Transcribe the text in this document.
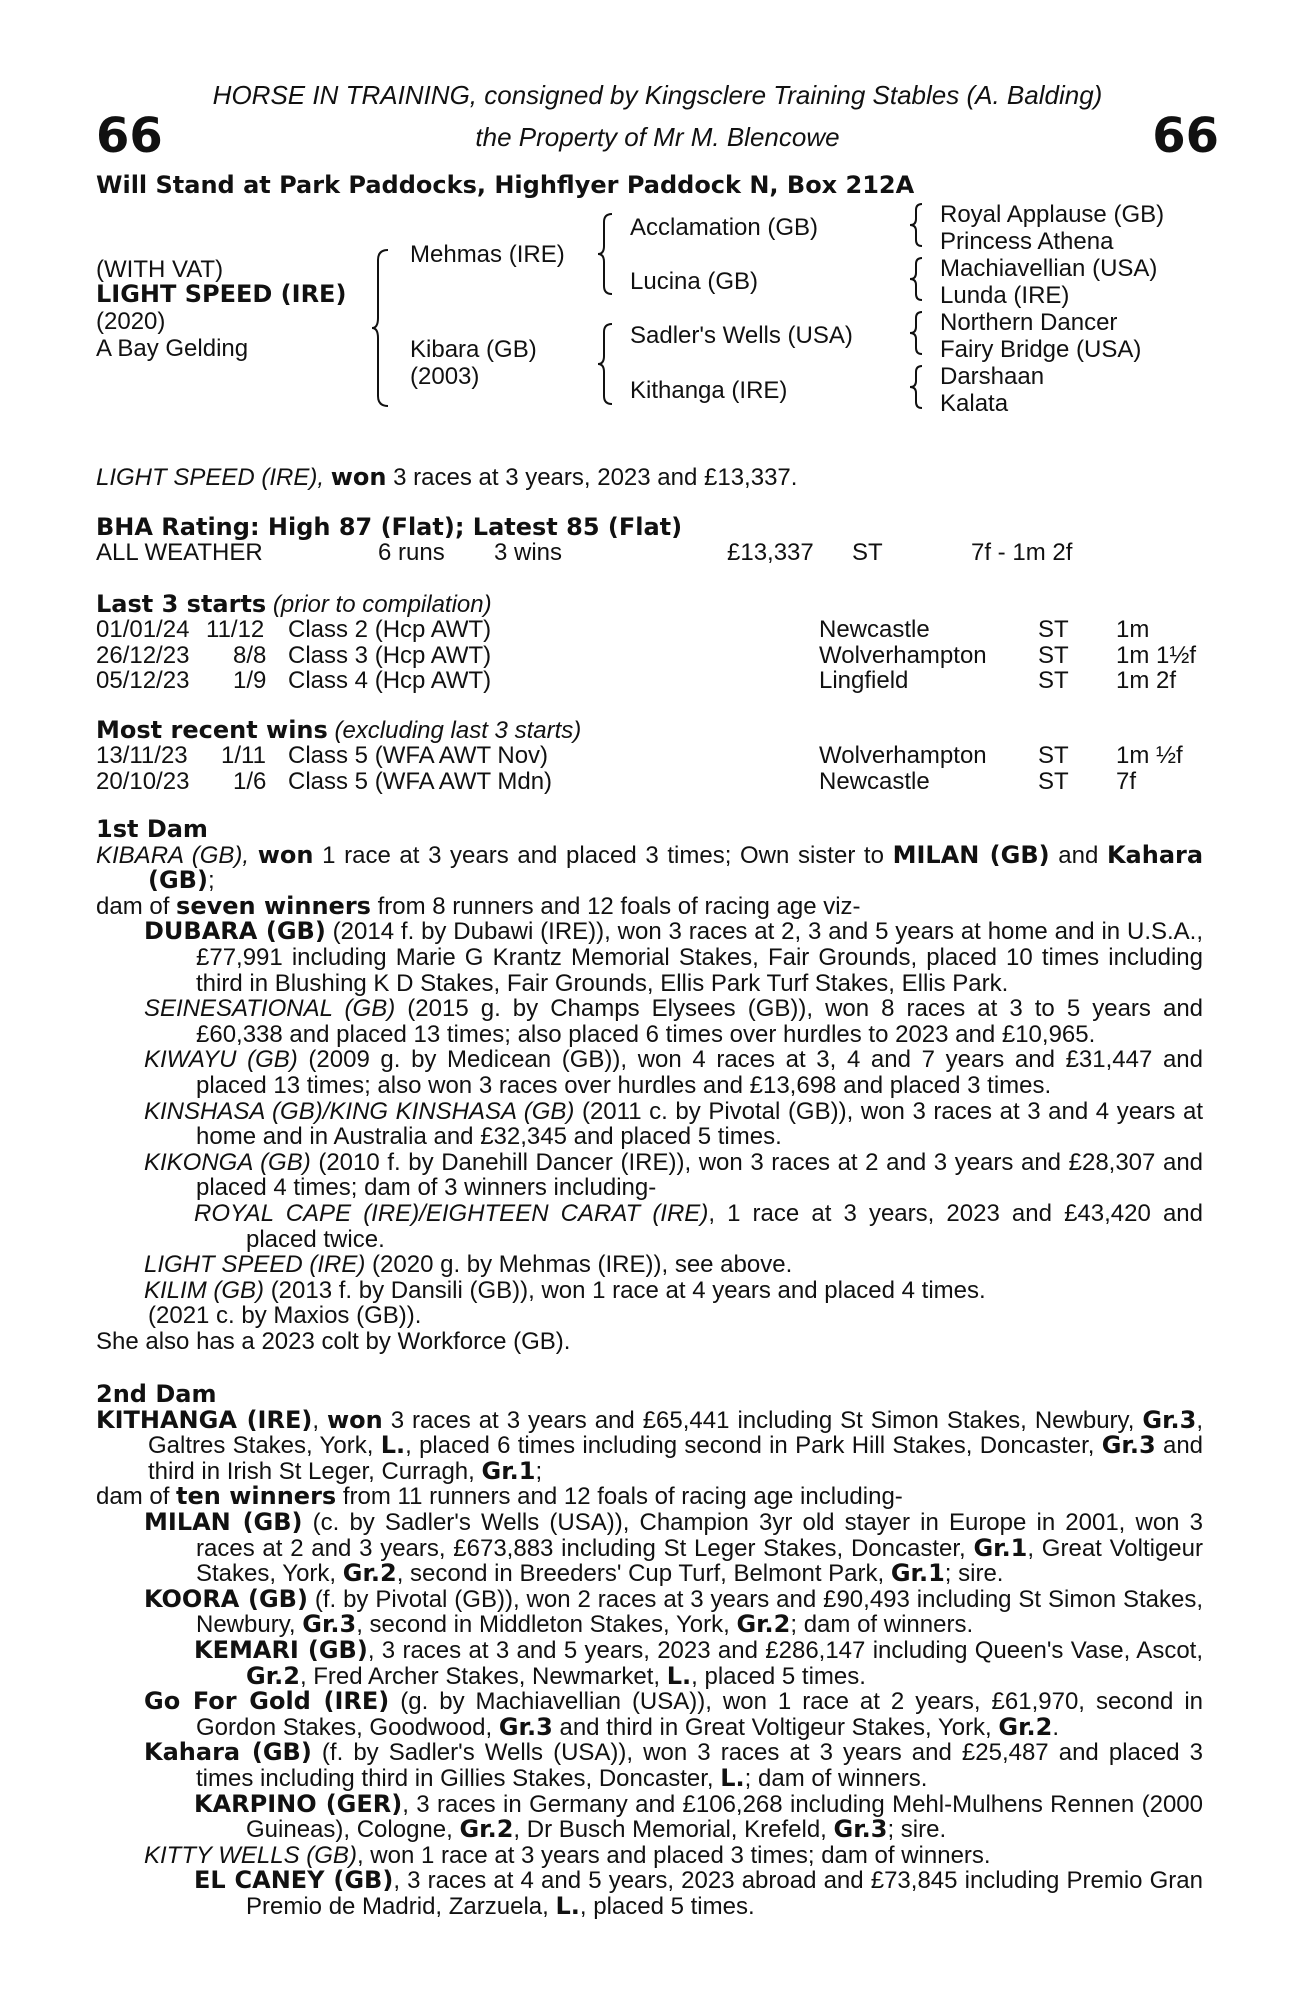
66	66
HORSE IN TRAINING, consigned by Kingsclere Training Stables (A. Balding)
the Property of Mr M. Blencowe
Will Stand at Park Paddocks, Highflyer Paddock N, Box 212A
(WITH VAT)
LIGHT SPEED (IRE)
(2020)
A Bay Gelding
Mehmas (IRE)
Kibara (GB)
(2003)
Acclamation (GB)
Lucina (GB)
Sadler's Wells (USA)
Kithanga (IRE)
Royal Applause (GB)
Princess Athena
Machiavellian (USA)
Lunda (IRE)
Northern Dancer
Fairy Bridge (USA)
Darshaan
Kalata
LIGHT SPEED (IRE), won 3 races at 3 years, 2023 and £13,337.
BHA Rating: High 87 (Flat); Latest 85 (Flat)
ALL WEATHER	6 runs 3 wins	£13,337 ST	7f - 1m 2f
Last 3 starts (prior to compilation)
01/01/24 11/12 Class 2 (Hcp AWT)	Newcastle	ST 1m
26/12/23 8/8 Class 3 (Hcp AWT)	Wolverhampton ST 1m 1½f
05/12/23 1/9 Class 4 (Hcp AWT)	Lingfield	ST 1m 2f
Most recent wins (excluding last 3 starts)
13/11/23 1/11 Class 5 (WFA AWT Nov)	Wolverhampton ST 1m ½f
20/10/23 1/6 Class 5 (WFA AWT Mdn)	Newcastle	ST 7f

1st Dam

KIBARA (GB), won 1 race at 3 years and placed 3 times; Own sister to MILAN (GB) and Kahara (GB);

dam of seven winners from 8 runners and 12 foals of racing age viz-

DUBARA (GB) (2014 f. by Dubawi (IRE)), won 3 races at 2, 3 and 5 years at home and in U.S.A., £77,991 including Marie G Krantz Memorial Stakes, Fair Grounds, placed 10 times including third in Blushing K D Stakes, Fair Grounds, Ellis Park Turf Stakes, Ellis Park.

SEINESATIONAL (GB) (2015 g. by Champs Elysees (GB)), won 8 races at 3 to 5 years and £60,338 and placed 13 times; also placed 6 times over hurdles to 2023 and £10,965.

KIWAYU (GB) (2009 g. by Medicean (GB)), won 4 races at 3, 4 and 7 years and £31,447 and placed 13 times; also won 3 races over hurdles and £13,698 and placed 3 times.

KINSHASA (GB)/KING KINSHASA (GB) (2011 c. by Pivotal (GB)), won 3 races at 3 and 4 years at home and in Australia and £32,345 and placed 5 times.

KIKONGA (GB) (2010 f. by Danehill Dancer (IRE)), won 3 races at 2 and 3 years and £28,307 and placed 4 times; dam of 3 winners including-

ROYAL CAPE (IRE)/EIGHTEEN CARAT (IRE), 1 race at 3 years, 2023 and £43,420 and placed twice.

LIGHT SPEED (IRE) (2020 g. by Mehmas (IRE)), see above.

KILIM (GB) (2013 f. by Dansili (GB)), won 1 race at 4 years and placed 4 times.

(2021 c. by Maxios (GB)).

She also has a 2023 colt by Workforce (GB).

2nd Dam

KITHANGA (IRE), won 3 races at 3 years and £65,441 including St Simon Stakes, Newbury, Gr.3, Galtres Stakes, York, L., placed 6 times including second in Park Hill Stakes, Doncaster, Gr.3 and third in Irish St Leger, Curragh, Gr.1;

dam of ten winners from 11 runners and 12 foals of racing age including-

MILAN (GB) (c. by Sadler's Wells (USA)), Champion 3yr old stayer in Europe in 2001, won 3 races at 2 and 3 years, £673,883 including St Leger Stakes, Doncaster, Gr.1, Great Voltigeur Stakes, York, Gr.2, second in Breeders' Cup Turf, Belmont Park, Gr.1; sire.

KOORA (GB) (f. by Pivotal (GB)), won 2 races at 3 years and £90,493 including St Simon Stakes, Newbury, Gr.3, second in Middleton Stakes, York, Gr.2; dam of winners.

KEMARI (GB), 3 races at 3 and 5 years, 2023 and £286,147 including Queen's Vase, Ascot, Gr.2, Fred Archer Stakes, Newmarket, L., placed 5 times.

Go For Gold (IRE) (g. by Machiavellian (USA)), won 1 race at 2 years, £61,970, second in Gordon Stakes, Goodwood, Gr.3 and third in Great Voltigeur Stakes, York, Gr.2.

Kahara (GB) (f. by Sadler's Wells (USA)), won 3 races at 3 years and £25,487 and placed 3 times including third in Gillies Stakes, Doncaster, L.; dam of winners.

KARPINO (GER), 3 races in Germany and £106,268 including Mehl-Mulhens Rennen (2000 Guineas), Cologne, Gr.2, Dr Busch Memorial, Krefeld, Gr.3; sire.

KITTY WELLS (GB), won 1 race at 3 years and placed 3 times; dam of winners.

EL CANEY (GB), 3 races at 4 and 5 years, 2023 abroad and £73,845 including Premio Gran Premio de Madrid, Zarzuela, L., placed 5 times.
